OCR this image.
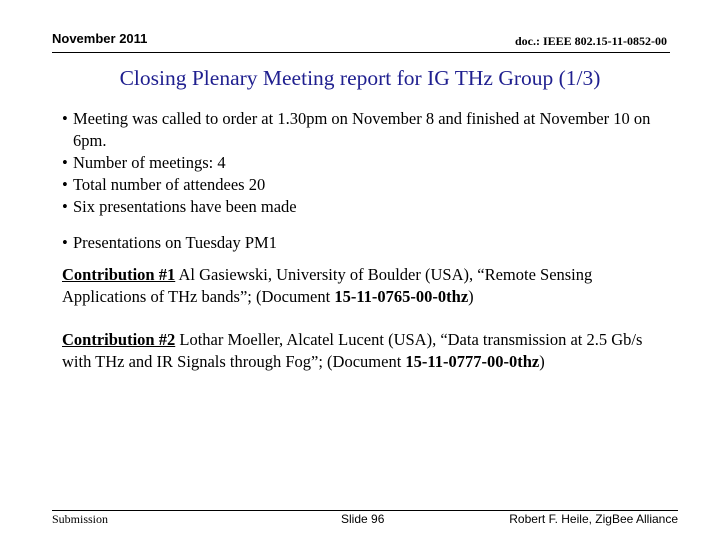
November 2011	doc.: IEEE 802.15-11-0852-00
Closing Plenary Meeting report for IG THz Group (1/3)
• Meeting was called to order at 1.30pm on November 8 and finished at November 10 on 6pm.
• Number of meetings: 4
• Total number of attendees 20
• Six presentations have been made
• Presentations on Tuesday PM1
Contribution #1 Al Gasiewski, University of Boulder (USA), “Remote Sensing Applications of THz bands”; (Document 15-11-0765-00-0thz)
Contribution #2 Lothar Moeller, Alcatel Lucent (USA), “Data transmission at 2.5 Gb/s with THz and IR Signals through Fog”; (Document 15-11-0777-00-0thz)
Submission	Slide 96	Robert F. Heile, ZigBee Alliance
